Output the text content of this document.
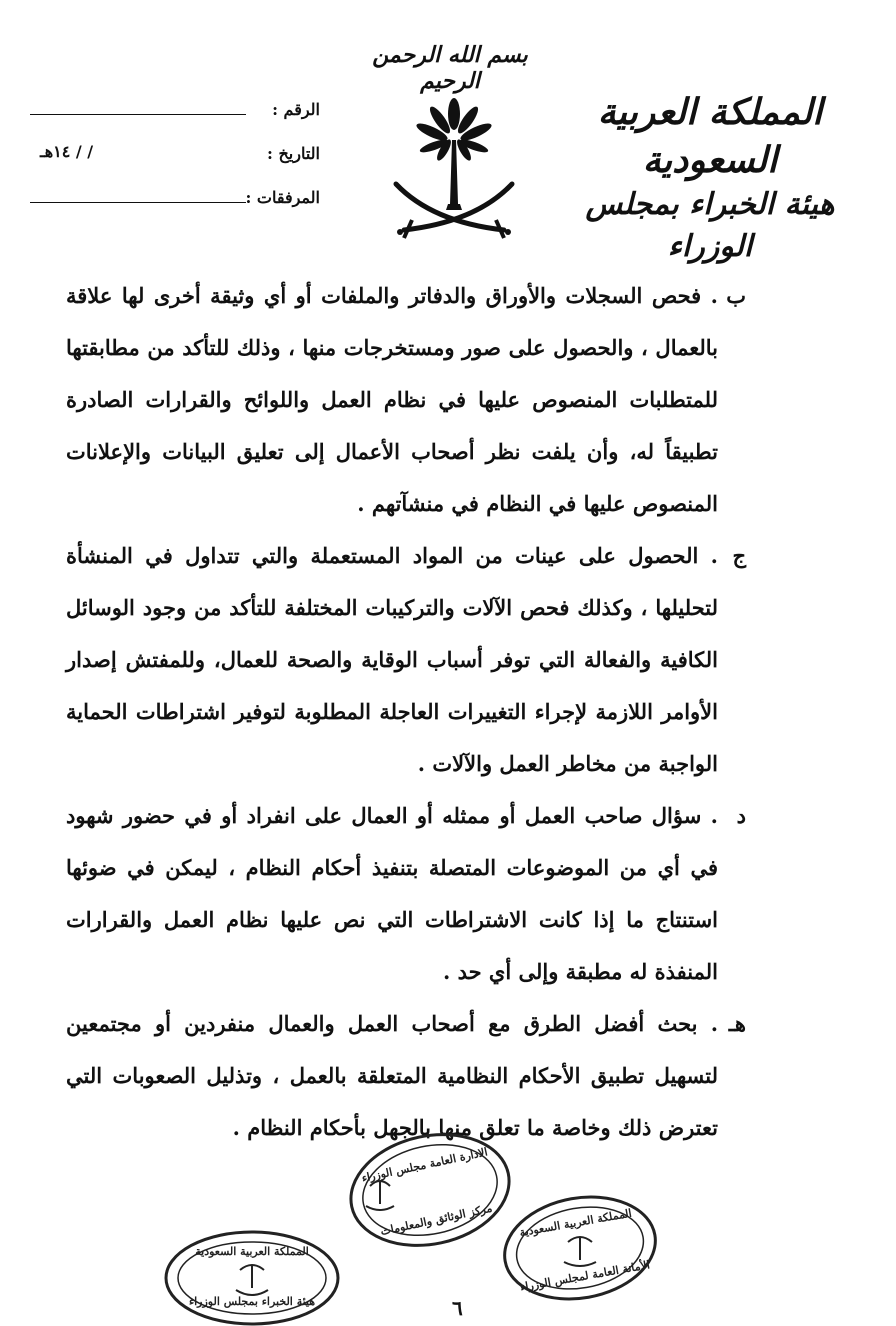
بسم الله الرحمن الرحيم
المملكة العربية السعودية
هيئة الخبراء بمجلس الوزراء
الرقم :
التاريخ :
/ / ١٤هـ
المرفقات :
ب
. فحص السجلات والأوراق والدفاتر والملفات أو أي وثيقة أخرى لها علاقة بالعمال ، والحصول على صور ومستخرجات منها ، وذلك للتأكد من مطابقتها للمتطلبات المنصوص عليها في نظام العمل واللوائح والقرارات الصادرة تطبيقاً له، وأن يلفت نظر أصحاب الأعمال إلى تعليق البيانات والإعلانات المنصوص عليها في النظام في منشآتهم .
ج
. الحصول على عينات من المواد المستعملة والتي تتداول في المنشأة لتحليلها ، وكذلك فحص الآلات والتركيبات المختلفة للتأكد من وجود الوسائل الكافية والفعالة التي توفر أسباب الوقاية والصحة للعمال، وللمفتش إصدار الأوامر اللازمة لإجراء التغييرات العاجلة المطلوبة لتوفير اشتراطات الحماية الواجبة من مخاطر العمل والآلات .
د
. سؤال صاحب العمل أو ممثله أو العمال على انفراد أو في حضور شهود في أي من الموضوعات المتصلة بتنفيذ أحكام النظام ، ليمكن في ضوئها استنتاج ما إذا كانت الاشتراطات التي نص عليها نظام العمل والقرارات المنفذة له مطبقة وإلى أي حد .
هـ
. بحث أفضل الطرق مع أصحاب العمل والعمال منفردين أو مجتمعين لتسهيل تطبيق الأحكام النظامية المتعلقة بالعمل ، وتذليل الصعوبات التي تعترض ذلك وخاصة ما تعلق منها بالجهل بأحكام النظام .
المملكة العربية السعودية
هيئة الخبراء بمجلس الوزراء
الادارة العامة مجلس الوزراء
مركز الوثائق والمعلومات المملكة العربية السعودية
الأمانة العامة لمجلس الوزراء
٦
